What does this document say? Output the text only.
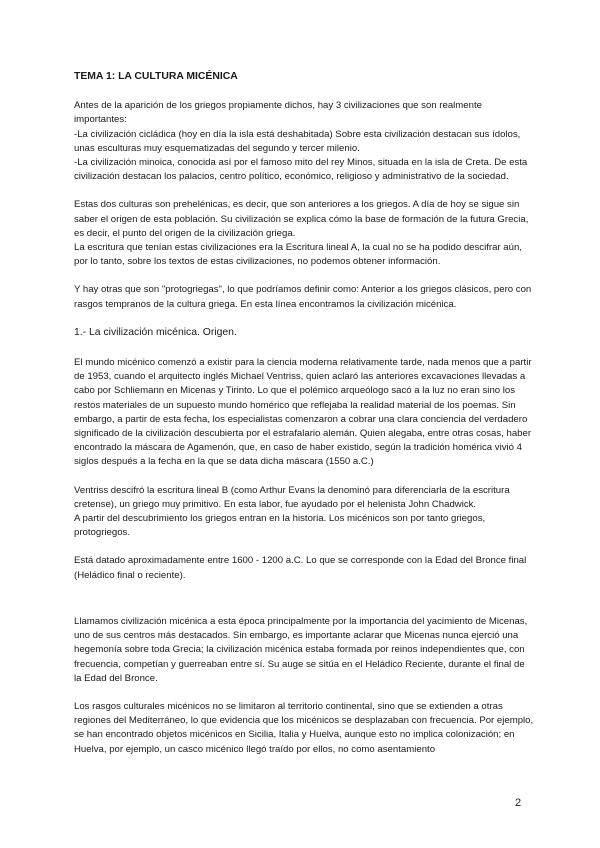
TEMA 1: LA CULTURA MICÉNICA

Antes de la aparición de los griegos propiamente dichos, hay 3 civilizaciones que son realmente importantes:

-La civilización cicládica (hoy en día la isla está deshabitada) Sobre esta civilización destacan sus ídolos, unas esculturas muy esquematizadas del segundo y tercer milenio.

-La civilización minoica, conocida así por el famoso mito del rey Minos, situada en la isla de Creta. De esta civilización destacan los palacios, centro político, económico, religioso y administrativo de la sociedad.

Estas dos culturas son prehelénicas, es decir, que son anteriores a los griegos. A día de hoy se sigue sin saber el origen de esta población. Su civilización se explica cómo la base de formación de la futura Grecia, es decir, el punto del origen de la civilización griega.

La escritura que tenían estas civilizaciones era la Escritura lineal A, la cual no se ha podido descifrar aún, por lo tanto, sobre los textos de estas civilizaciones, no podemos obtener información.

Y hay otras que son "protogriegas", lo que podríamos definir como: Anterior a los griegos clásicos, pero con rasgos tempranos de la cultura griega. En esta línea encontramos la civilización micénica.

1.- La civilización micénica. Origen.

El mundo micénico comenzó a existir para la ciencia moderna relativamente tarde, nada menos que a partir de 1953, cuando el arquitecto inglés Michael Ventriss, quien aclaró las anteriores excavaciones llevadas a cabo por Schliemann en Micenas y Tirinto. Lo que el polémico arqueólogo sacó a la luz no eran sino los restos materiales de un supuesto mundo homérico que reflejaba la realidad material de los poemas. Sin embargo, a partir de esta fecha, los especialistas comenzaron a cobrar una clara conciencia del verdadero significado de la civilización descubierta por el estrafalario alemán. Quien alegaba, entre otras cosas, haber encontrado la máscara de Agamenón, que, en caso de haber existido, según la tradición homérica vivió 4 siglos después a la fecha en la que se data dicha máscara (1550 a.C.)

Ventriss descifró la escritura lineal B (como Arthur Evans la denominó para diferenciarla de la escritura cretense), un griego muy primitivo. En esta labor, fue ayudado por el helenista John Chadwick.

A partir del descubrimiento los griegos entran en la historia. Los micénicos son por tanto griegos, protogriegos.

Está datado aproximadamente entre 1600 - 1200 a.C. Lo que se corresponde con la Edad del Bronce final (Heládico final o reciente).

Llamamos civilización micénica a esta época principalmente por la importancia del yacimiento de Micenas, uno de sus centros más destacados. Sin embargo, es importante aclarar que Micenas nunca ejerció una hegemonía sobre toda Grecia; la civilización micénica estaba formada por reinos independientes que, con frecuencia, competían y guerreaban entre sí. Su auge se sitúa en el Heládico Reciente, durante el final de la Edad del Bronce.

Los rasgos culturales micénicos no se limitaron al territorio continental, sino que se extienden a otras regiones del Mediterráneo, lo que evidencia que los micénicos se desplazaban con frecuencia. Por ejemplo, se han encontrado objetos micénicos en Sicilia, Italia y Huelva, aunque esto no implica colonización; en Huelva, por ejemplo, un casco micénico llegó traído por ellos, no como asentamiento

2
